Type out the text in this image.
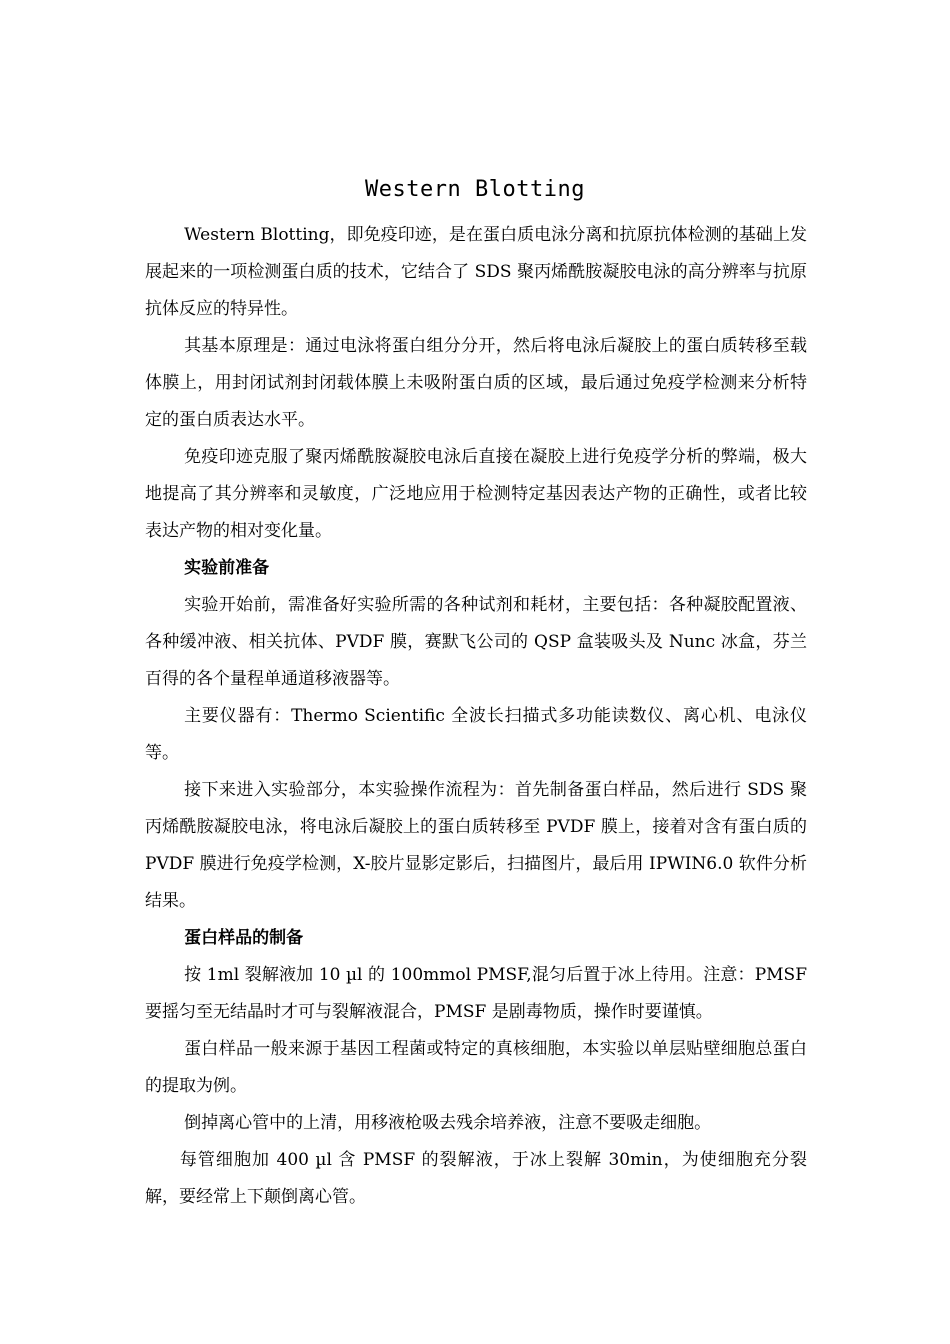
Western Blotting

Western Blotting，即免疫印迹，是在蛋白质电泳分离和抗原抗体检测的基础上发展起来的一项检测蛋白质的技术，它结合了 SDS 聚丙烯酰胺凝胶电泳的高分辨率与抗原抗体反应的特异性。

其基本原理是：通过电泳将蛋白组分分开，然后将电泳后凝胶上的蛋白质转移至载体膜上，用封闭试剂封闭载体膜上未吸附蛋白质的区域，最后通过免疫学检测来分析特定的蛋白质表达水平。

免疫印迹克服了聚丙烯酰胺凝胶电泳后直接在凝胶上进行免疫学分析的弊端，极大地提高了其分辨率和灵敏度，广泛地应用于检测特定基因表达产物的正确性，或者比较表达产物的相对变化量。

实验前准备

实验开始前，需准备好实验所需的各种试剂和耗材，主要包括：各种凝胶配置液、各种缓冲液、相关抗体、PVDF 膜，赛默飞公司的 QSP 盒装吸头及 Nunc 冰盒，芬兰百得的各个量程单通道移液器等。

主要仪器有：Thermo Scientific 全波长扫描式多功能读数仪、离心机、电泳仪等。

接下来进入实验部分，本实验操作流程为：首先制备蛋白样品，然后进行 SDS 聚丙烯酰胺凝胶电泳，将电泳后凝胶上的蛋白质转移至 PVDF 膜上，接着对含有蛋白质的 PVDF 膜进行免疫学检测，X-胶片显影定影后，扫描图片，最后用 IPWIN6.0 软件分析结果。

蛋白样品的制备

按 1ml 裂解液加 10 µl 的 100mmol PMSF,混匀后置于冰上待用。注意：PMSF 要摇匀至无结晶时才可与裂解液混合，PMSF 是剧毒物质，操作时要谨慎。

蛋白样品一般来源于基因工程菌或特定的真核细胞，本实验以单层贴壁细胞总蛋白的提取为例。

倒掉离心管中的上清，用移液枪吸去残余培养液，注意不要吸走细胞。

每管细胞加 400 µl 含 PMSF 的裂解液，于冰上裂解 30min，为使细胞充分裂解，要经常上下颠倒离心管。
